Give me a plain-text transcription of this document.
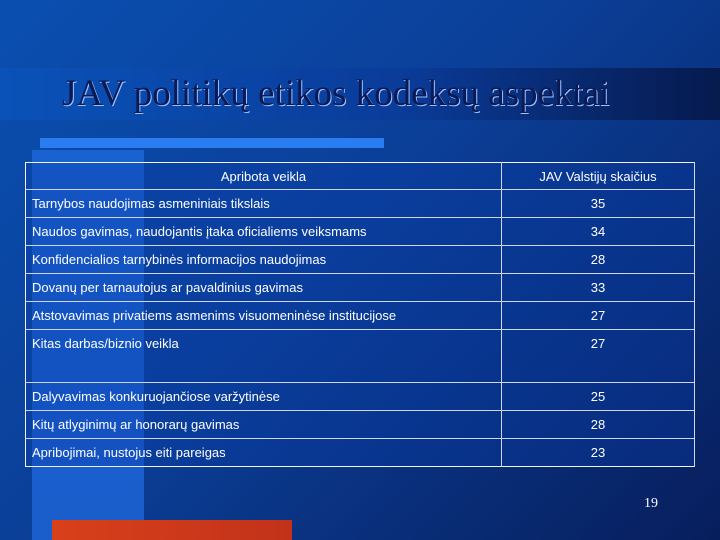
JAV politikų etikos kodeksų aspektai
Apribota veikla	JAV Valstijų skaičius
Tarnybos naudojimas asmeniniais tikslais	35
Naudos gavimas, naudojantis įtaka oficialiems veiksmams	34
Konfidencialios tarnybinės informacijos naudojimas	28
Dovanų per tarnautojus ar pavaldinius gavimas	33
Atstovavimas privatiems asmenims visuomeninėse institucijose	27
Kitas darbas/biznio veikla	27
Dalyvavimas konkuruojančiose varžytinėse	25
Kitų atlyginimų ar honorarų gavimas	28
Apribojimai, nustojus eiti pareigas	23
19
